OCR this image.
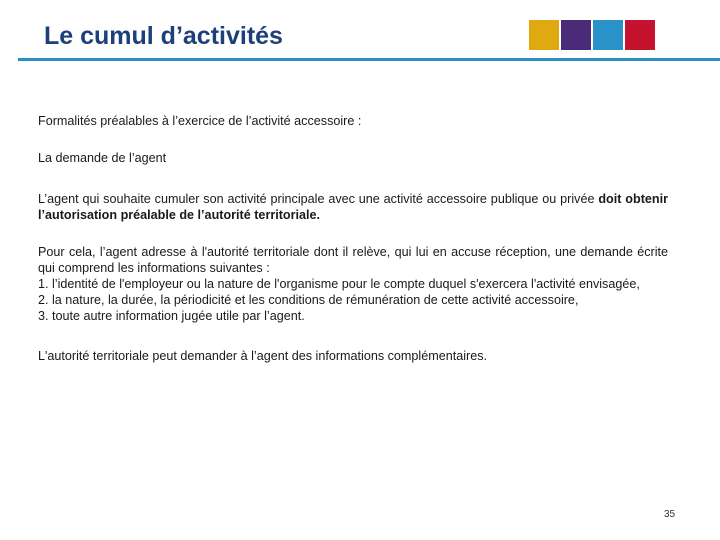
Le cumul d’activités

Formalités préalables à l’exercice de l’activité accessoire :

La demande de l’agent

L’agent qui souhaite cumuler son activité principale avec une activité accessoire publique ou privée doit obtenir l’autorisation préalable de l’autorité territoriale.

Pour cela, l’agent adresse à l'autorité territoriale dont il relève, qui lui en accuse réception, une demande écrite qui comprend les informations suivantes :
1. l’identité de l'employeur ou la nature de l'organisme pour le compte duquel s'exercera l'activité envisagée,
2. la nature, la durée, la périodicité et les conditions de rémunération de cette activité accessoire,
3. toute autre information jugée utile par l’agent.

L'autorité territoriale peut demander à l’agent des informations complémentaires.

35
